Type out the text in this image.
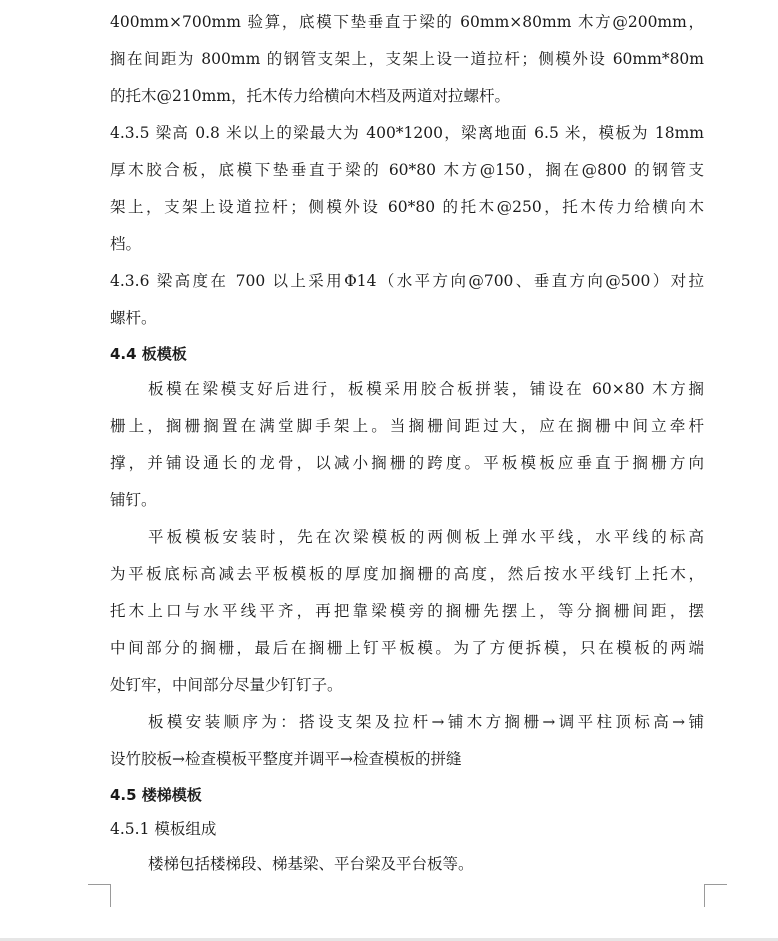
400mm×700mm 验算，底模下垫垂直于梁的 60mm×80mm 木方@200mm，

搁在间距为 800mm 的钢管支架上，支架上设一道拉杆；侧模外设 60mm*80m

的托木@210mm，托木传力给横向木档及两道对拉螺杆。

4.3.5 梁高 0.8 米以上的梁最大为 400*1200，梁离地面 6.5 米，模板为 18mm

厚木胶合板，底模下垫垂直于梁的 60*80 木方@150，搁在@800 的钢管支

架上，支架上设道拉杆；侧模外设 60*80 的托木@250，托木传力给横向木

档。

4.3.6 梁高度在 700 以上采用Φ14（水平方向@700、垂直方向@500）对拉

螺杆。

4.4 板模板

板模在梁模支好后进行，板模采用胶合板拼装，铺设在 60×80 木方搁

栅上，搁栅搁置在满堂脚手架上。当搁栅间距过大，应在搁栅中间立牵杆

撑，并铺设通长的龙骨，以减小搁栅的跨度。平板模板应垂直于搁栅方向

铺钉。

平板模板安装时，先在次梁模板的两侧板上弹水平线，水平线的标高

为平板底标高减去平板模板的厚度加搁栅的高度，然后按水平线钉上托木，

托木上口与水平线平齐，再把靠梁模旁的搁栅先摆上，等分搁栅间距，摆

中间部分的搁栅，最后在搁栅上钉平板模。为了方便拆模，只在模板的两端

处钉牢，中间部分尽量少钉钉子。

板模安装顺序为：搭设支架及拉杆→铺木方搁栅→调平柱顶标高→铺

设竹胶板→检查模板平整度并调平→检查模板的拼缝

4.5 楼梯模板

4.5.1 模板组成

楼梯包括楼梯段、梯基梁、平台梁及平台板等。
